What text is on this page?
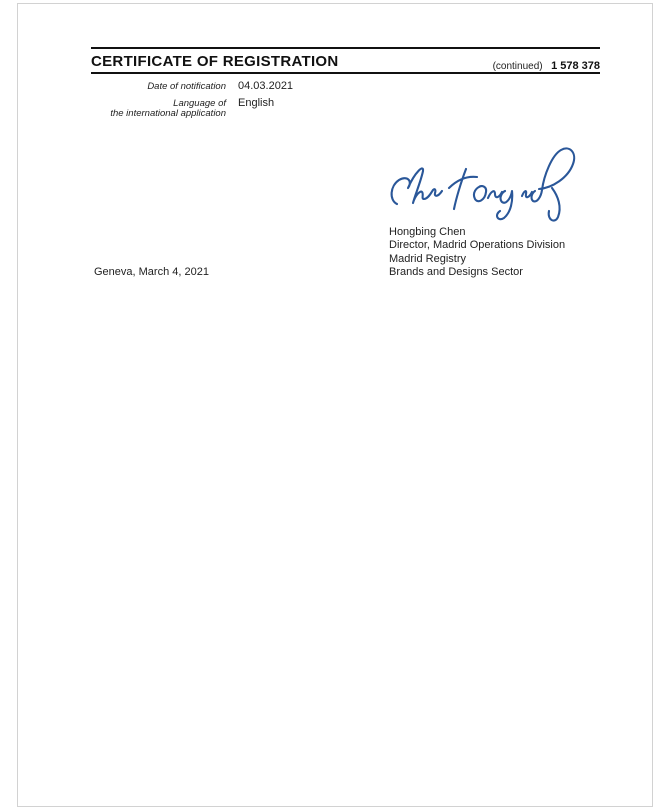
CERTIFICATE OF REGISTRATION	(continued) 1 578 378
Date of notification 04.03.2021
Language of
the international application
English
Hongbing Chen
Director, Madrid Operations Division
Madrid Registry
Brands and Designs Sector
Geneva, March 4, 2021
